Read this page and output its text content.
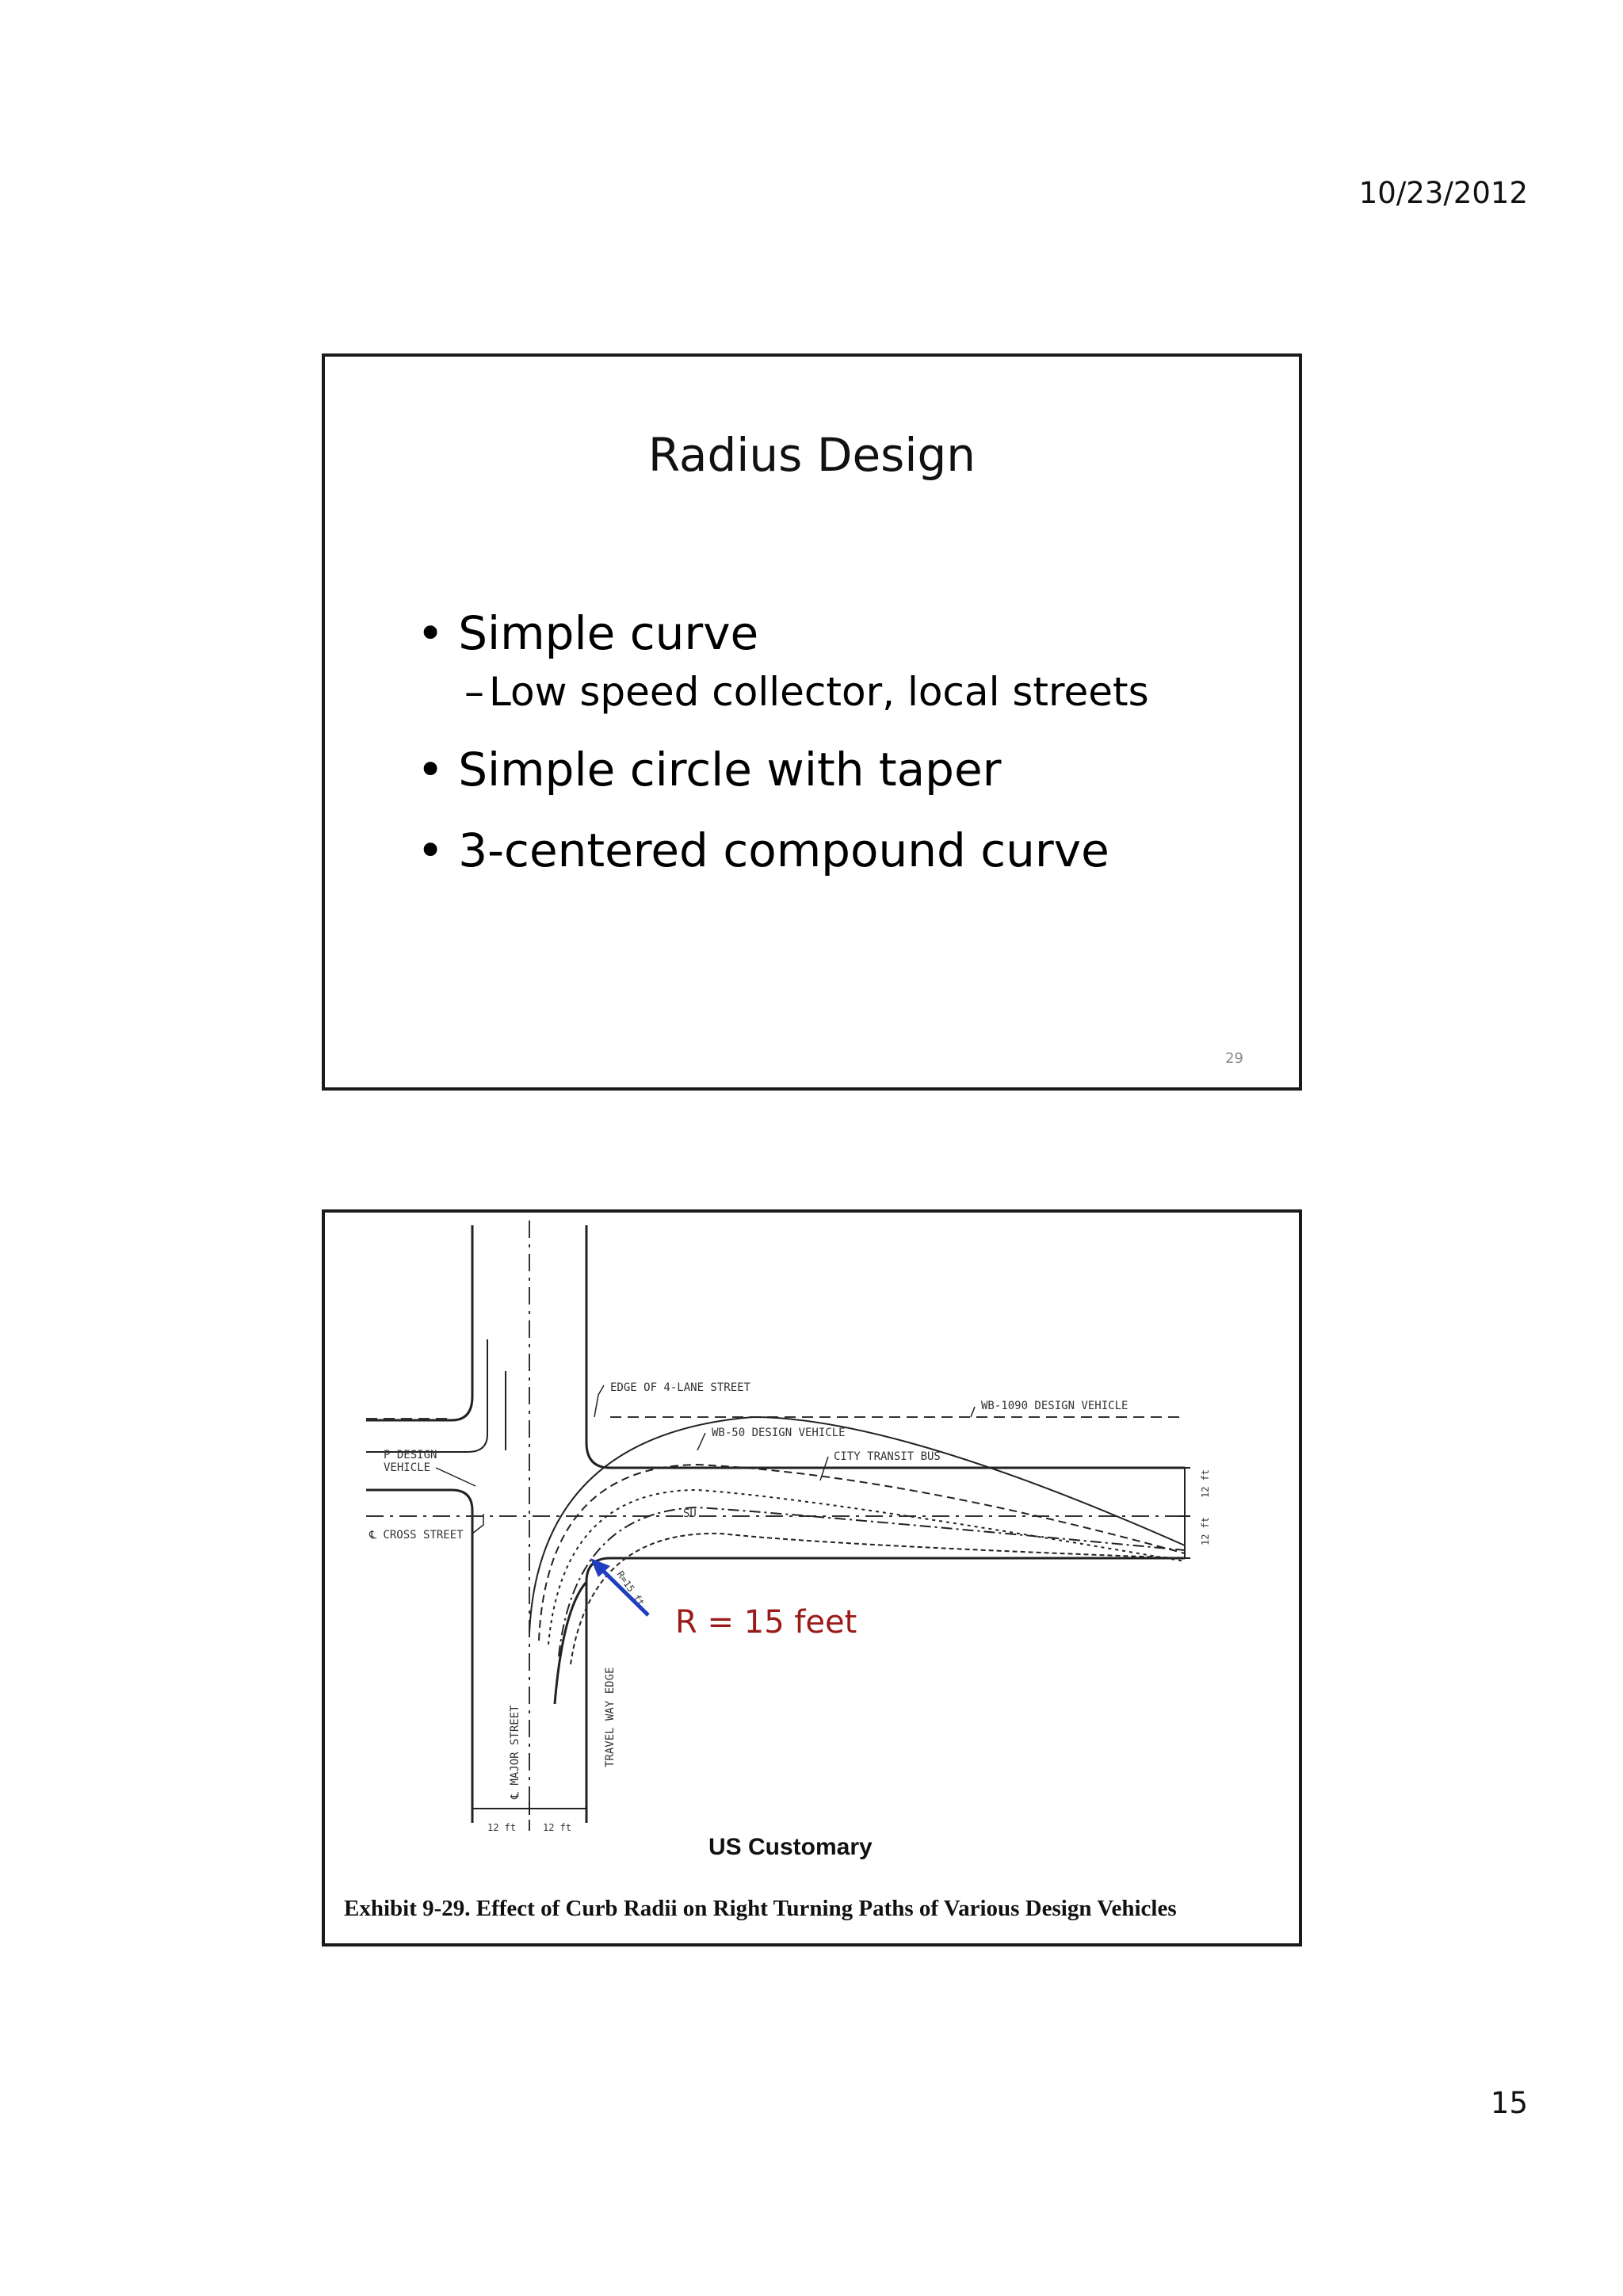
10/23/2012
Radius Design
• Simple curve
– Low speed collector, local streets
• Simple circle with taper
• 3-centered compound curve
29
12 ft
12 ft
12 ft	12 ft
EDGE OF 4-LANE STREET
WB-1090 DESIGN VEHICLE
WB-50 DESIGN VEHICLE
CITY TRANSIT BUS
P DESIGN
VEHICLE
SU
℄ CROSS STREET
℄ MAJOR STREET	TRAVEL WAY EDGE
R=15 ft
R = 15 feet
US Customary
Exhibit 9-29. Effect of Curb Radii on Right Turning Paths of Various Design Vehicles
15
